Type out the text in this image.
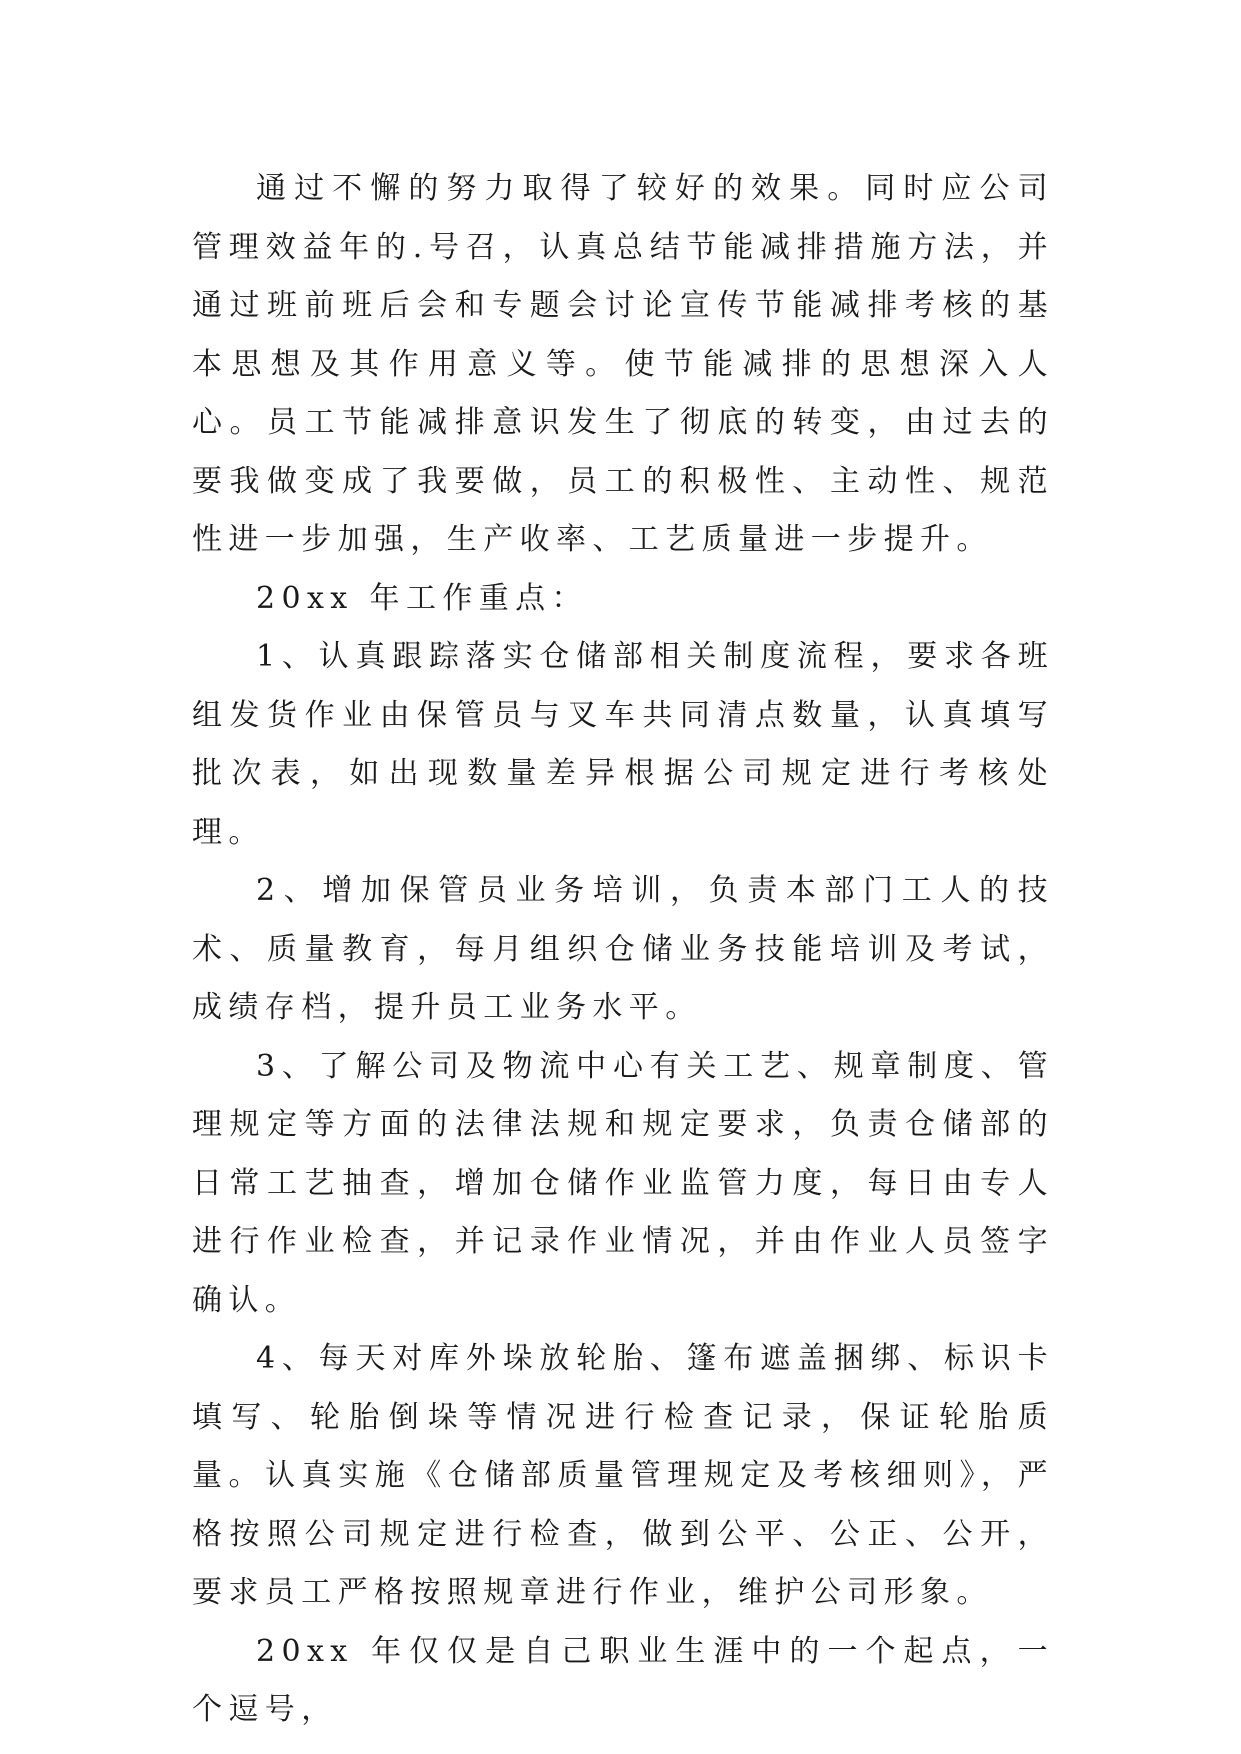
通过不懈的努力取得了较好的效果。同时应公司管理效益年的.号召，认真总结节能减排措施方法，并通过班前班后会和专题会讨论宣传节能减排考核的基本思想及其作用意义等。使节能减排的思想深入人心。员工节能减排意识发生了彻底的转变，由过去的要我做变成了我要做，员工的积极性、主动性、规范性进一步加强，生产收率、工艺质量进一步提升。

20xx 年工作重点：

1、认真跟踪落实仓储部相关制度流程，要求各班组发货作业由保管员与叉车共同清点数量，认真填写批次表，如出现数量差异根据公司规定进行考核处理。

2、增加保管员业务培训，负责本部门工人的技术、质量教育，每月组织仓储业务技能培训及考试，成绩存档，提升员工业务水平。

3、了解公司及物流中心有关工艺、规章制度、管理规定等方面的法律法规和规定要求，负责仓储部的日常工艺抽查，增加仓储作业监管力度，每日由专人进行作业检查，并记录作业情况，并由作业人员签字确认。

4、每天对库外垛放轮胎、篷布遮盖捆绑、标识卡填写、轮胎倒垛等情况进行检查记录，保证轮胎质量。认真实施《仓储部质量管理规定及考核细则》，严格按照公司规定进行检查，做到公平、公正、公开，要求员工严格按照规章进行作业，维护公司形象。

20xx 年仅仅是自己职业生涯中的一个起点，一个逗号，
